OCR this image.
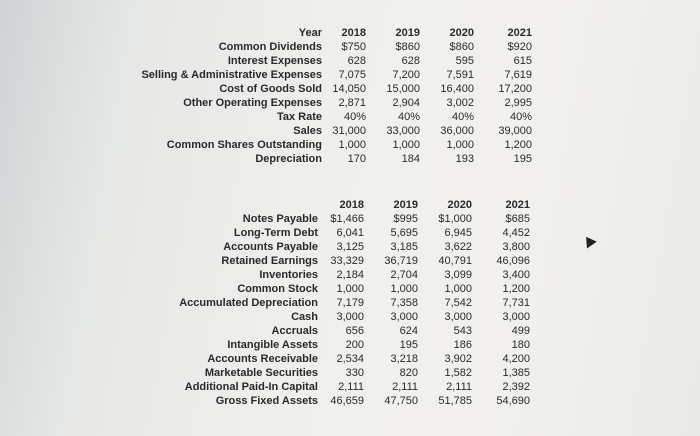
Year	2018	2019	2020	2021
Common Dividends	$750	$860	$860	$920
Interest Expenses	628	628	595	615
Selling & Administrative Expenses	7,075	7,200	7,591	7,619
Cost of Goods Sold	14,050	15,000	16,400	17,200
Other Operating Expenses	2,871	2,904	3,002	2,995
Tax Rate	40%	40%	40%	40%
Sales	31,000	33,000	36,000	39,000
Common Shares Outstanding	1,000	1,000	1,000	1,200
Depreciation	170	184	193	195
	2018	2019	2020	2021
Notes Payable	$1,466	$995	$1,000	$685
Long-Term Debt	6,041	5,695	6,945	4,452
Accounts Payable	3,125	3,185	3,622	3,800
Retained Earnings	33,329	36,719	40,791	46,096
Inventories	2,184	2,704	3,099	3,400
Common Stock	1,000	1,000	1,000	1,200
Accumulated Depreciation	7,179	7,358	7,542	7,731
Cash	3,000	3,000	3,000	3,000
Accruals	656	624	543	499
Intangible Assets	200	195	186	180
Accounts Receivable	2,534	3,218	3,902	4,200
Marketable Securities	330	820	1,582	1,385
Additional Paid-In Capital	2,111	2,111	2,111	2,392
Gross Fixed Assets	46,659	47,750	51,785	54,690
